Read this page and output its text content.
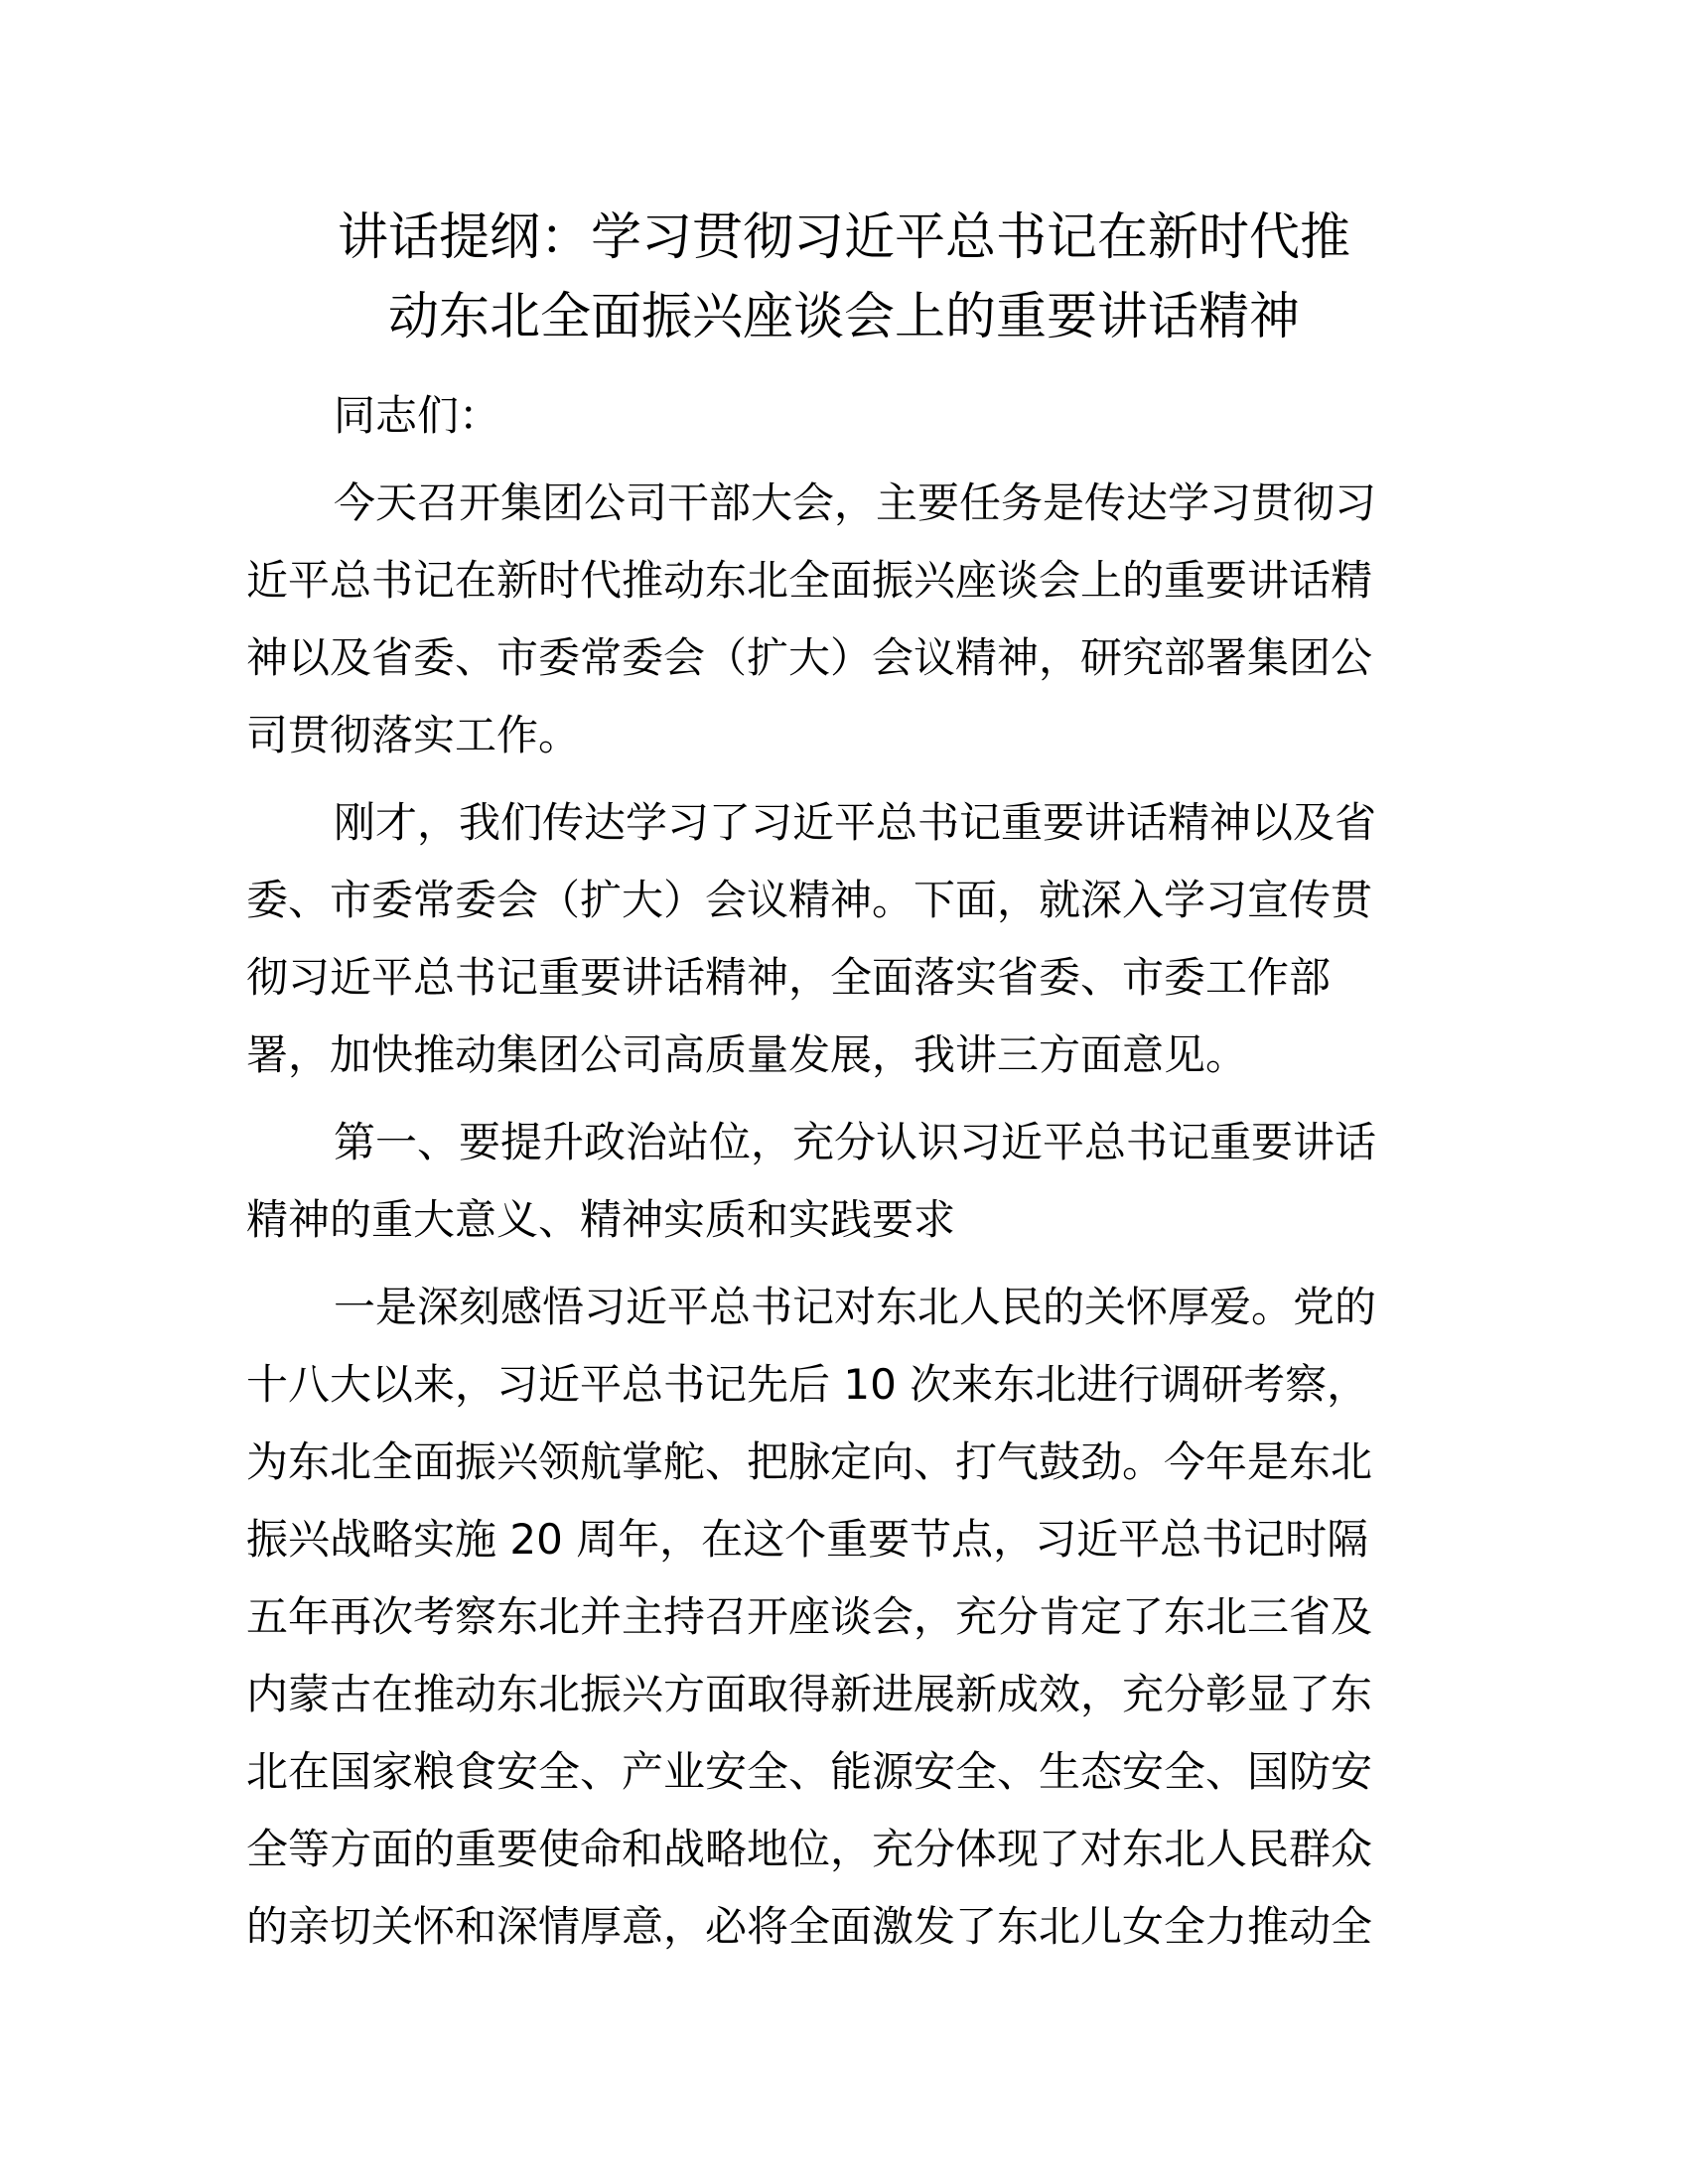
讲话提纲：学习贯彻习近平总书记在新时代推
动东北全面振兴座谈会上的重要讲话精神

同志们：

今天召开集团公司干部大会，主要任务是传达学习贯彻习
近平总书记在新时代推动东北全面振兴座谈会上的重要讲话精
神以及省委、市委常委会（扩大）会议精神，研究部署集团公
司贯彻落实工作。

刚才，我们传达学习了习近平总书记重要讲话精神以及省
委、市委常委会（扩大）会议精神。下面，就深入学习宣传贯
彻习近平总书记重要讲话精神，全面落实省委、市委工作部
署，加快推动集团公司高质量发展，我讲三方面意见。

第一、要提升政治站位，充分认识习近平总书记重要讲话
精神的重大意义、精神实质和实践要求

一是深刻感悟习近平总书记对东北人民的关怀厚爱。党的
十八大以来，习近平总书记先后 10 次来东北进行调研考察，
为东北全面振兴领航掌舵、把脉定向、打气鼓劲。今年是东北
振兴战略实施 20 周年，在这个重要节点，习近平总书记时隔
五年再次考察东北并主持召开座谈会，充分肯定了东北三省及
内蒙古在推动东北振兴方面取得新进展新成效，充分彰显了东
北在国家粮食安全、产业安全、能源安全、生态安全、国防安
全等方面的重要使命和战略地位，充分体现了对东北人民群众
的亲切关怀和深情厚意，必将全面激发了东北儿女全力推动全
